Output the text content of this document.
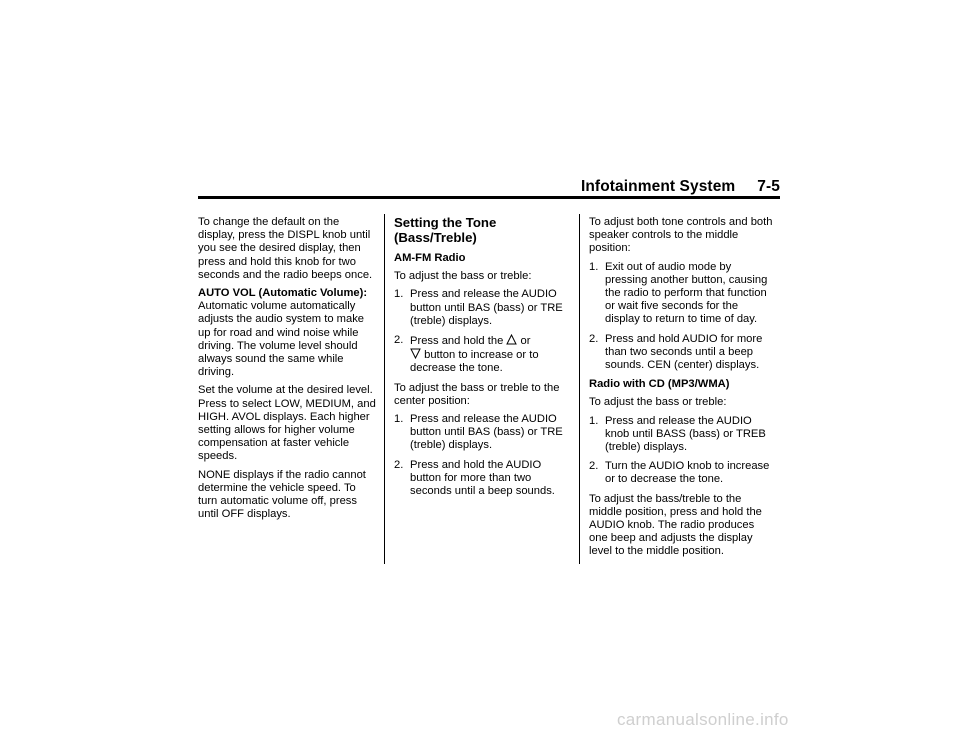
Infotainment System 7-5

To change the default on the display, press the DISPL knob until you see the desired display, then press and hold this knob for two seconds and the radio beeps once.

AUTO VOL (Automatic Volume):
Automatic volume automatically adjusts the audio system to make up for road and wind noise while driving. The volume level should always sound the same while driving.

Set the volume at the desired level. Press to select LOW, MEDIUM, and HIGH. AVOL displays. Each higher setting allows for higher volume compensation at faster vehicle speeds.

NONE displays if the radio cannot determine the vehicle speed. To turn automatic volume off, press until OFF displays.

Setting the Tone (Bass/Treble)

AM-FM Radio

To adjust the bass or treble:

1. Press and release the AUDIO button until BAS (bass) or TRE (treble) displays.
2. Press and hold the or

button to increase or to decrease the tone.

To adjust the bass or treble to the center position:

1. Press and release the AUDIO button until BAS (bass) or TRE (treble) displays.
2. Press and hold the AUDIO button for more than two seconds until a beep sounds.

To adjust both tone controls and both speaker controls to the middle position:

1. Exit out of audio mode by pressing another button, causing the radio to perform that function or wait five seconds for the display to return to time of day.
2. Press and hold AUDIO for more than two seconds until a beep sounds. CEN (center) displays.

Radio with CD (MP3/WMA)

To adjust the bass or treble:

1. Press and release the AUDIO knob until BASS (bass) or TREB (treble) displays.
2. Turn the AUDIO knob to increase or to decrease the tone.

To adjust the bass/treble to the middle position, press and hold the AUDIO knob. The radio produces one beep and adjusts the display level to the middle position.

carmanualsonline.info
